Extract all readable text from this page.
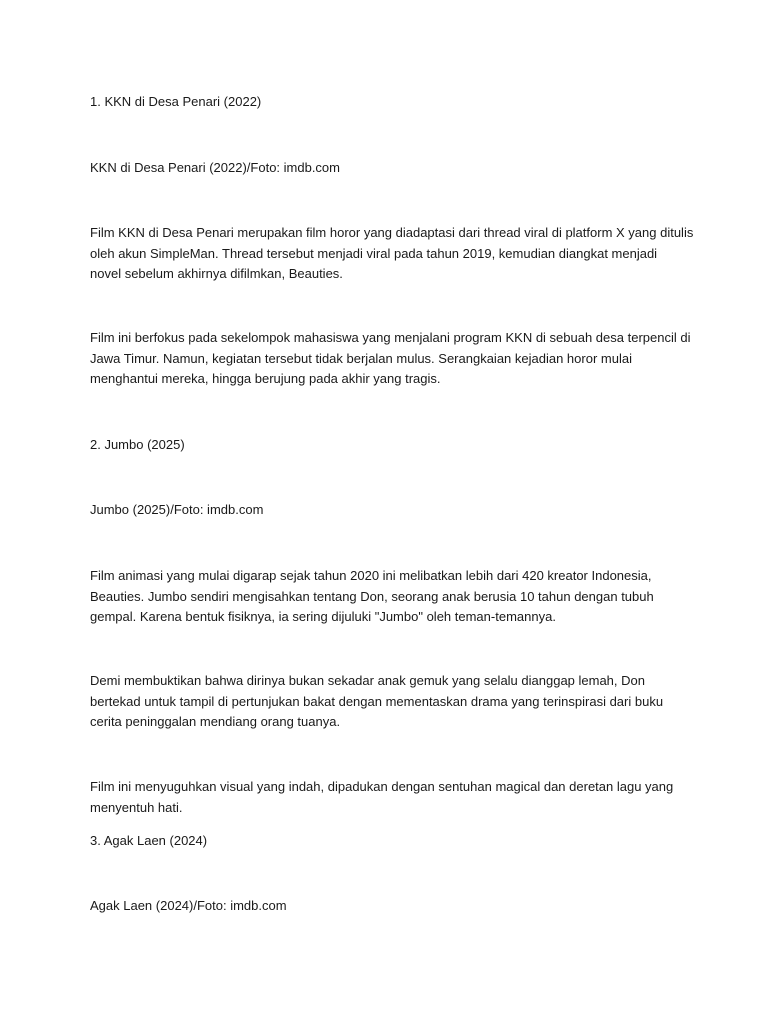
1. KKN di Desa Penari (2022)

KKN di Desa Penari (2022)/Foto: imdb.com

Film KKN di Desa Penari merupakan film horor yang diadaptasi dari thread viral di platform X yang ditulis
oleh akun SimpleMan. Thread tersebut menjadi viral pada tahun 2019, kemudian diangkat menjadi
novel sebelum akhirnya difilmkan, Beauties.

Film ini berfokus pada sekelompok mahasiswa yang menjalani program KKN di sebuah desa terpencil di
Jawa Timur. Namun, kegiatan tersebut tidak berjalan mulus. Serangkaian kejadian horor mulai
menghantui mereka, hingga berujung pada akhir yang tragis.

2. Jumbo (2025)

Jumbo (2025)/Foto: imdb.com

Film animasi yang mulai digarap sejak tahun 2020 ini melibatkan lebih dari 420 kreator Indonesia,
Beauties. Jumbo sendiri mengisahkan tentang Don, seorang anak berusia 10 tahun dengan tubuh
gempal. Karena bentuk fisiknya, ia sering dijuluki "Jumbo" oleh teman-temannya.

Demi membuktikan bahwa dirinya bukan sekadar anak gemuk yang selalu dianggap lemah, Don
bertekad untuk tampil di pertunjukan bakat dengan mementaskan drama yang terinspirasi dari buku
cerita peninggalan mendiang orang tuanya.

Film ini menyuguhkan visual yang indah, dipadukan dengan sentuhan magical dan deretan lagu yang
menyentuh hati.

3. Agak Laen (2024)

Agak Laen (2024)/Foto: imdb.com
